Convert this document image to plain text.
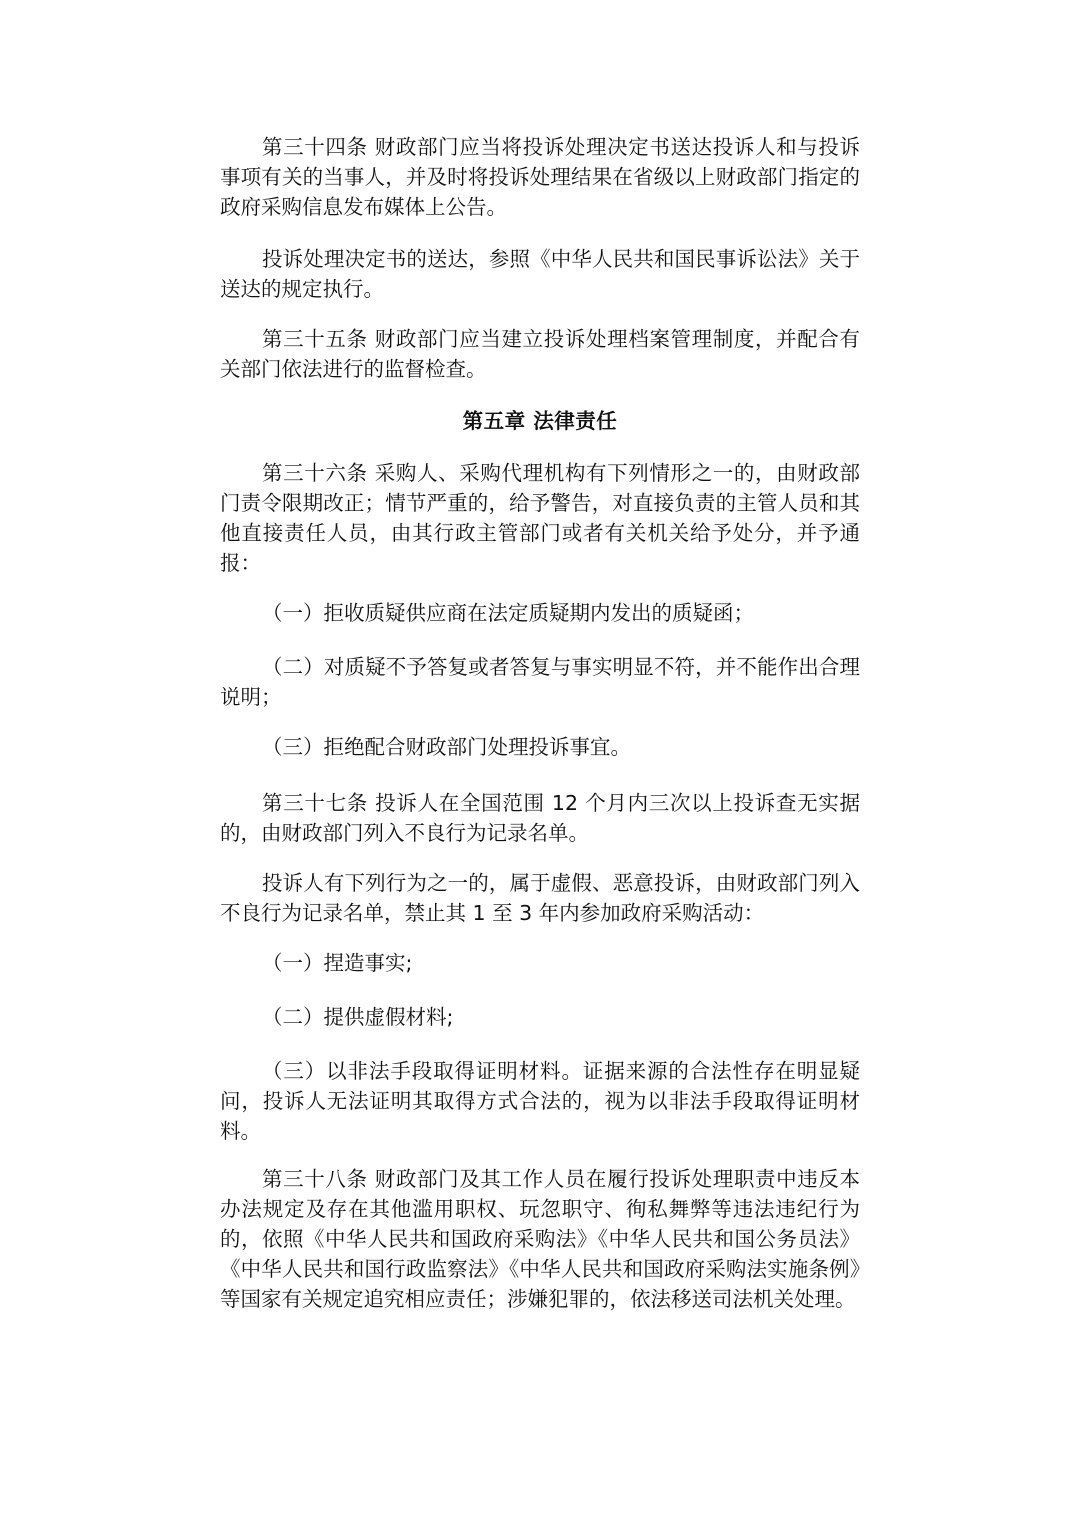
第三十四条 财政部门应当将投诉处理决定书送达投诉人和与投诉事项有关的当事人，并及时将投诉处理结果在省级以上财政部门指定的政府采购信息发布媒体上公告。

投诉处理决定书的送达，参照《中华人民共和国民事诉讼法》关于送达的规定执行。

第三十五条 财政部门应当建立投诉处理档案管理制度，并配合有关部门依法进行的监督检查。

第五章 法律责任

第三十六条 采购人、采购代理机构有下列情形之一的，由财政部门责令限期改正；情节严重的，给予警告，对直接负责的主管人员和其他直接责任人员，由其行政主管部门或者有关机关给予处分，并予通报：

（一）拒收质疑供应商在法定质疑期内发出的质疑函；

（二）对质疑不予答复或者答复与事实明显不符，并不能作出合理说明；

（三）拒绝配合财政部门处理投诉事宜。

第三十七条 投诉人在全国范围 12 个月内三次以上投诉查无实据的，由财政部门列入不良行为记录名单。

投诉人有下列行为之一的，属于虚假、恶意投诉，由财政部门列入不良行为记录名单，禁止其 1 至 3 年内参加政府采购活动：

（一）捏造事实;

（二）提供虚假材料;

（三）以非法手段取得证明材料。证据来源的合法性存在明显疑问，投诉人无法证明其取得方式合法的，视为以非法手段取得证明材料。

第三十八条 财政部门及其工作人员在履行投诉处理职责中违反本办法规定及存在其他滥用职权、玩忽职守、徇私舞弊等违法违纪行为的，依照《中华人民共和国政府采购法》《中华人民共和国公务员法》《中华人民共和国行政监察法》《中华人民共和国政府采购法实施条例》等国家有关规定追究相应责任；涉嫌犯罪的，依法移送司法机关处理。
